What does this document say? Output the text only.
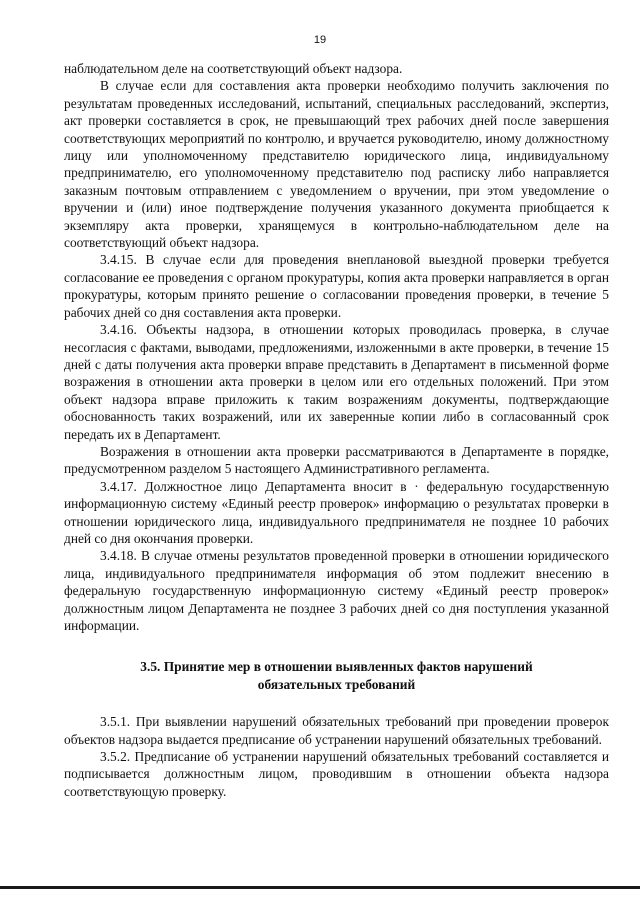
19

наблюдательном деле на соответствующий объект надзора.

В случае если для составления акта проверки необходимо получить заключения по результатам проведенных исследований, испытаний, специальных расследований, экспертиз, акт проверки составляется в срок, не превышающий трех рабочих дней после завершения соответствующих мероприятий по контролю, и вручается руководителю, иному должностному лицу или уполномоченному представителю юридического лица, индивидуальному предпринимателю, его уполномоченному представителю под расписку либо направляется заказным почтовым отправлением с уведомлением о вручении, при этом уведомление о вручении и (или) иное подтверждение получения указанного документа приобщается к экземпляру акта проверки, хранящемуся в контрольно-наблюдательном деле на соответствующий объект надзора.

3.4.15. В случае если для проведения внеплановой выездной проверки требуется согласование ее проведения с органом прокуратуры, копия акта проверки направляется в орган прокуратуры, которым принято решение о согласовании проведения проверки, в течение 5 рабочих дней со дня составления акта проверки.

3.4.16. Объекты надзора, в отношении которых проводилась проверка, в случае несогласия с фактами, выводами, предложениями, изложенными в акте проверки, в течение 15 дней с даты получения акта проверки вправе представить в Департамент в письменной форме возражения в отношении акта проверки в целом или его отдельных положений. При этом объект надзора вправе приложить к таким возражениям документы, подтверждающие обоснованность таких возражений, или их заверенные копии либо в согласованный срок передать их в Департамент.

Возражения в отношении акта проверки рассматриваются в Департаменте в порядке, предусмотренном разделом 5 настоящего Административного регламента.

3.4.17. Должностное лицо Департамента вносит в · федеральную государственную информационную систему «Единый реестр проверок» информацию о результатах проверки в отношении юридического лица, индивидуального предпринимателя не позднее 10 рабочих дней со дня окончания проверки.

3.4.18. В случае отмены результатов проведенной проверки в отношении юридического лица, индивидуального предпринимателя информация об этом подлежит внесению в федеральную государственную информационную систему «Единый реестр проверок» должностным лицом Департамента не позднее 3 рабочих дней со дня поступления указанной информации.

3.5. Принятие мер в отношении выявленных фактов нарушений
обязательных требований

3.5.1. При выявлении нарушений обязательных требований при проведении проверок объектов надзора выдается предписание об устранении нарушений обязательных требований.

3.5.2. Предписание об устранении нарушений обязательных требований составляется и подписывается должностным лицом, проводившим в отношении объекта надзора соответствующую проверку.
